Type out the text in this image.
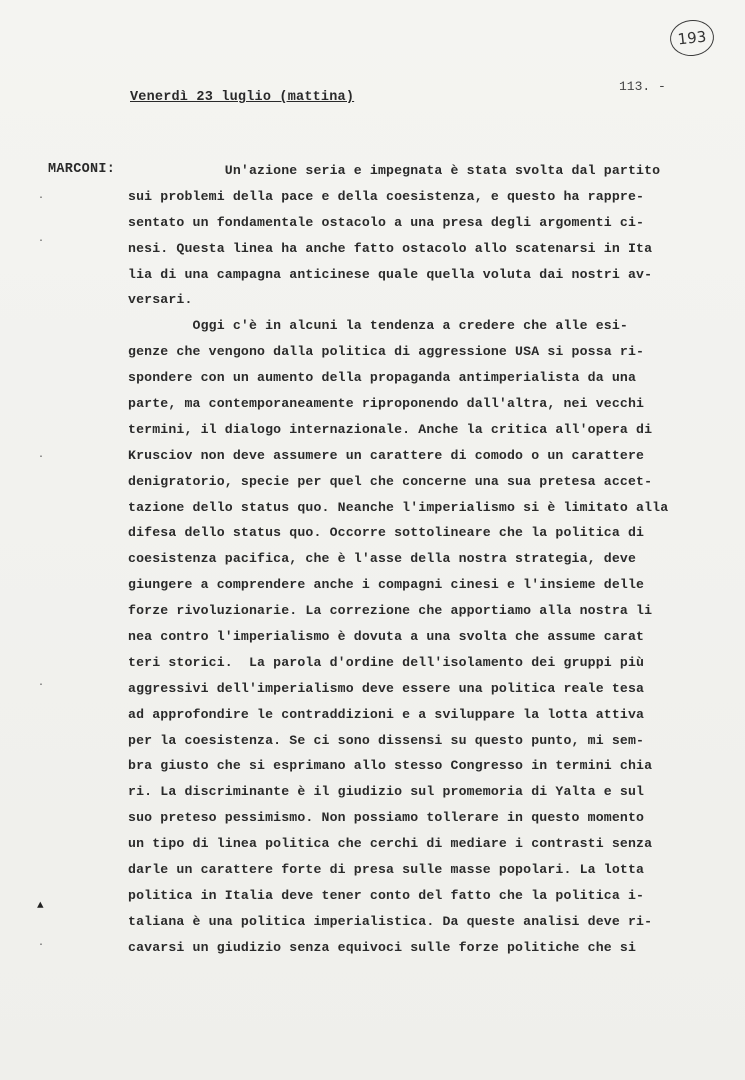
193
Venerdì 23 luglio (mattina)
113. -
MARCONI:
·
·
·
·
▲
·
Un'azione seria e impegnata è stata svolta dal partito
sui problemi della pace e della coesistenza, e questo ha rappre-
sentato un fondamentale ostacolo a una presa degli argomenti ci-
nesi. Questa linea ha anche fatto ostacolo allo scatenarsi in Ita
lia di una campagna anticinese quale quella voluta dai nostri av-
versari.
Oggi c'è in alcuni la tendenza a credere che alle esi-
genze che vengono dalla politica di aggressione USA si possa ri-
spondere con un aumento della propaganda antimperialista da una
parte, ma contemporaneamente riproponendo dall'altra, nei vecchi
termini, il dialogo internazionale. Anche la critica all'opera di
Krusciov non deve assumere un carattere di comodo o un carattere
denigratorio, specie per quel che concerne una sua pretesa accet-
tazione dello status quo. Neanche l'imperialismo si è limitato alla
difesa dello status quo. Occorre sottolineare che la politica di
coesistenza pacifica, che è l'asse della nostra strategia, deve
giungere a comprendere anche i compagni cinesi e l'insieme delle
forze rivoluzionarie. La correzione che apportiamo alla nostra li
nea contro l'imperialismo è dovuta a una svolta che assume carat
teri storici.  La parola d'ordine dell'isolamento dei gruppi più
aggressivi dell'imperialismo deve essere una politica reale tesa
ad approfondire le contraddizioni e a sviluppare la lotta attiva
per la coesistenza. Se ci sono dissensi su questo punto, mi sem-
bra giusto che si esprimano allo stesso Congresso in termini chia
ri. La discriminante è il giudizio sul promemoria di Yalta e sul
suo preteso pessimismo. Non possiamo tollerare in questo momento
un tipo di linea politica che cerchi di mediare i contrasti senza
darle un carattere forte di presa sulle masse popolari. La lotta
politica in Italia deve tener conto del fatto che la politica i-
taliana è una politica imperialistica. Da queste analisi deve ri-
cavarsi un giudizio senza equivoci sulle forze politiche che si
